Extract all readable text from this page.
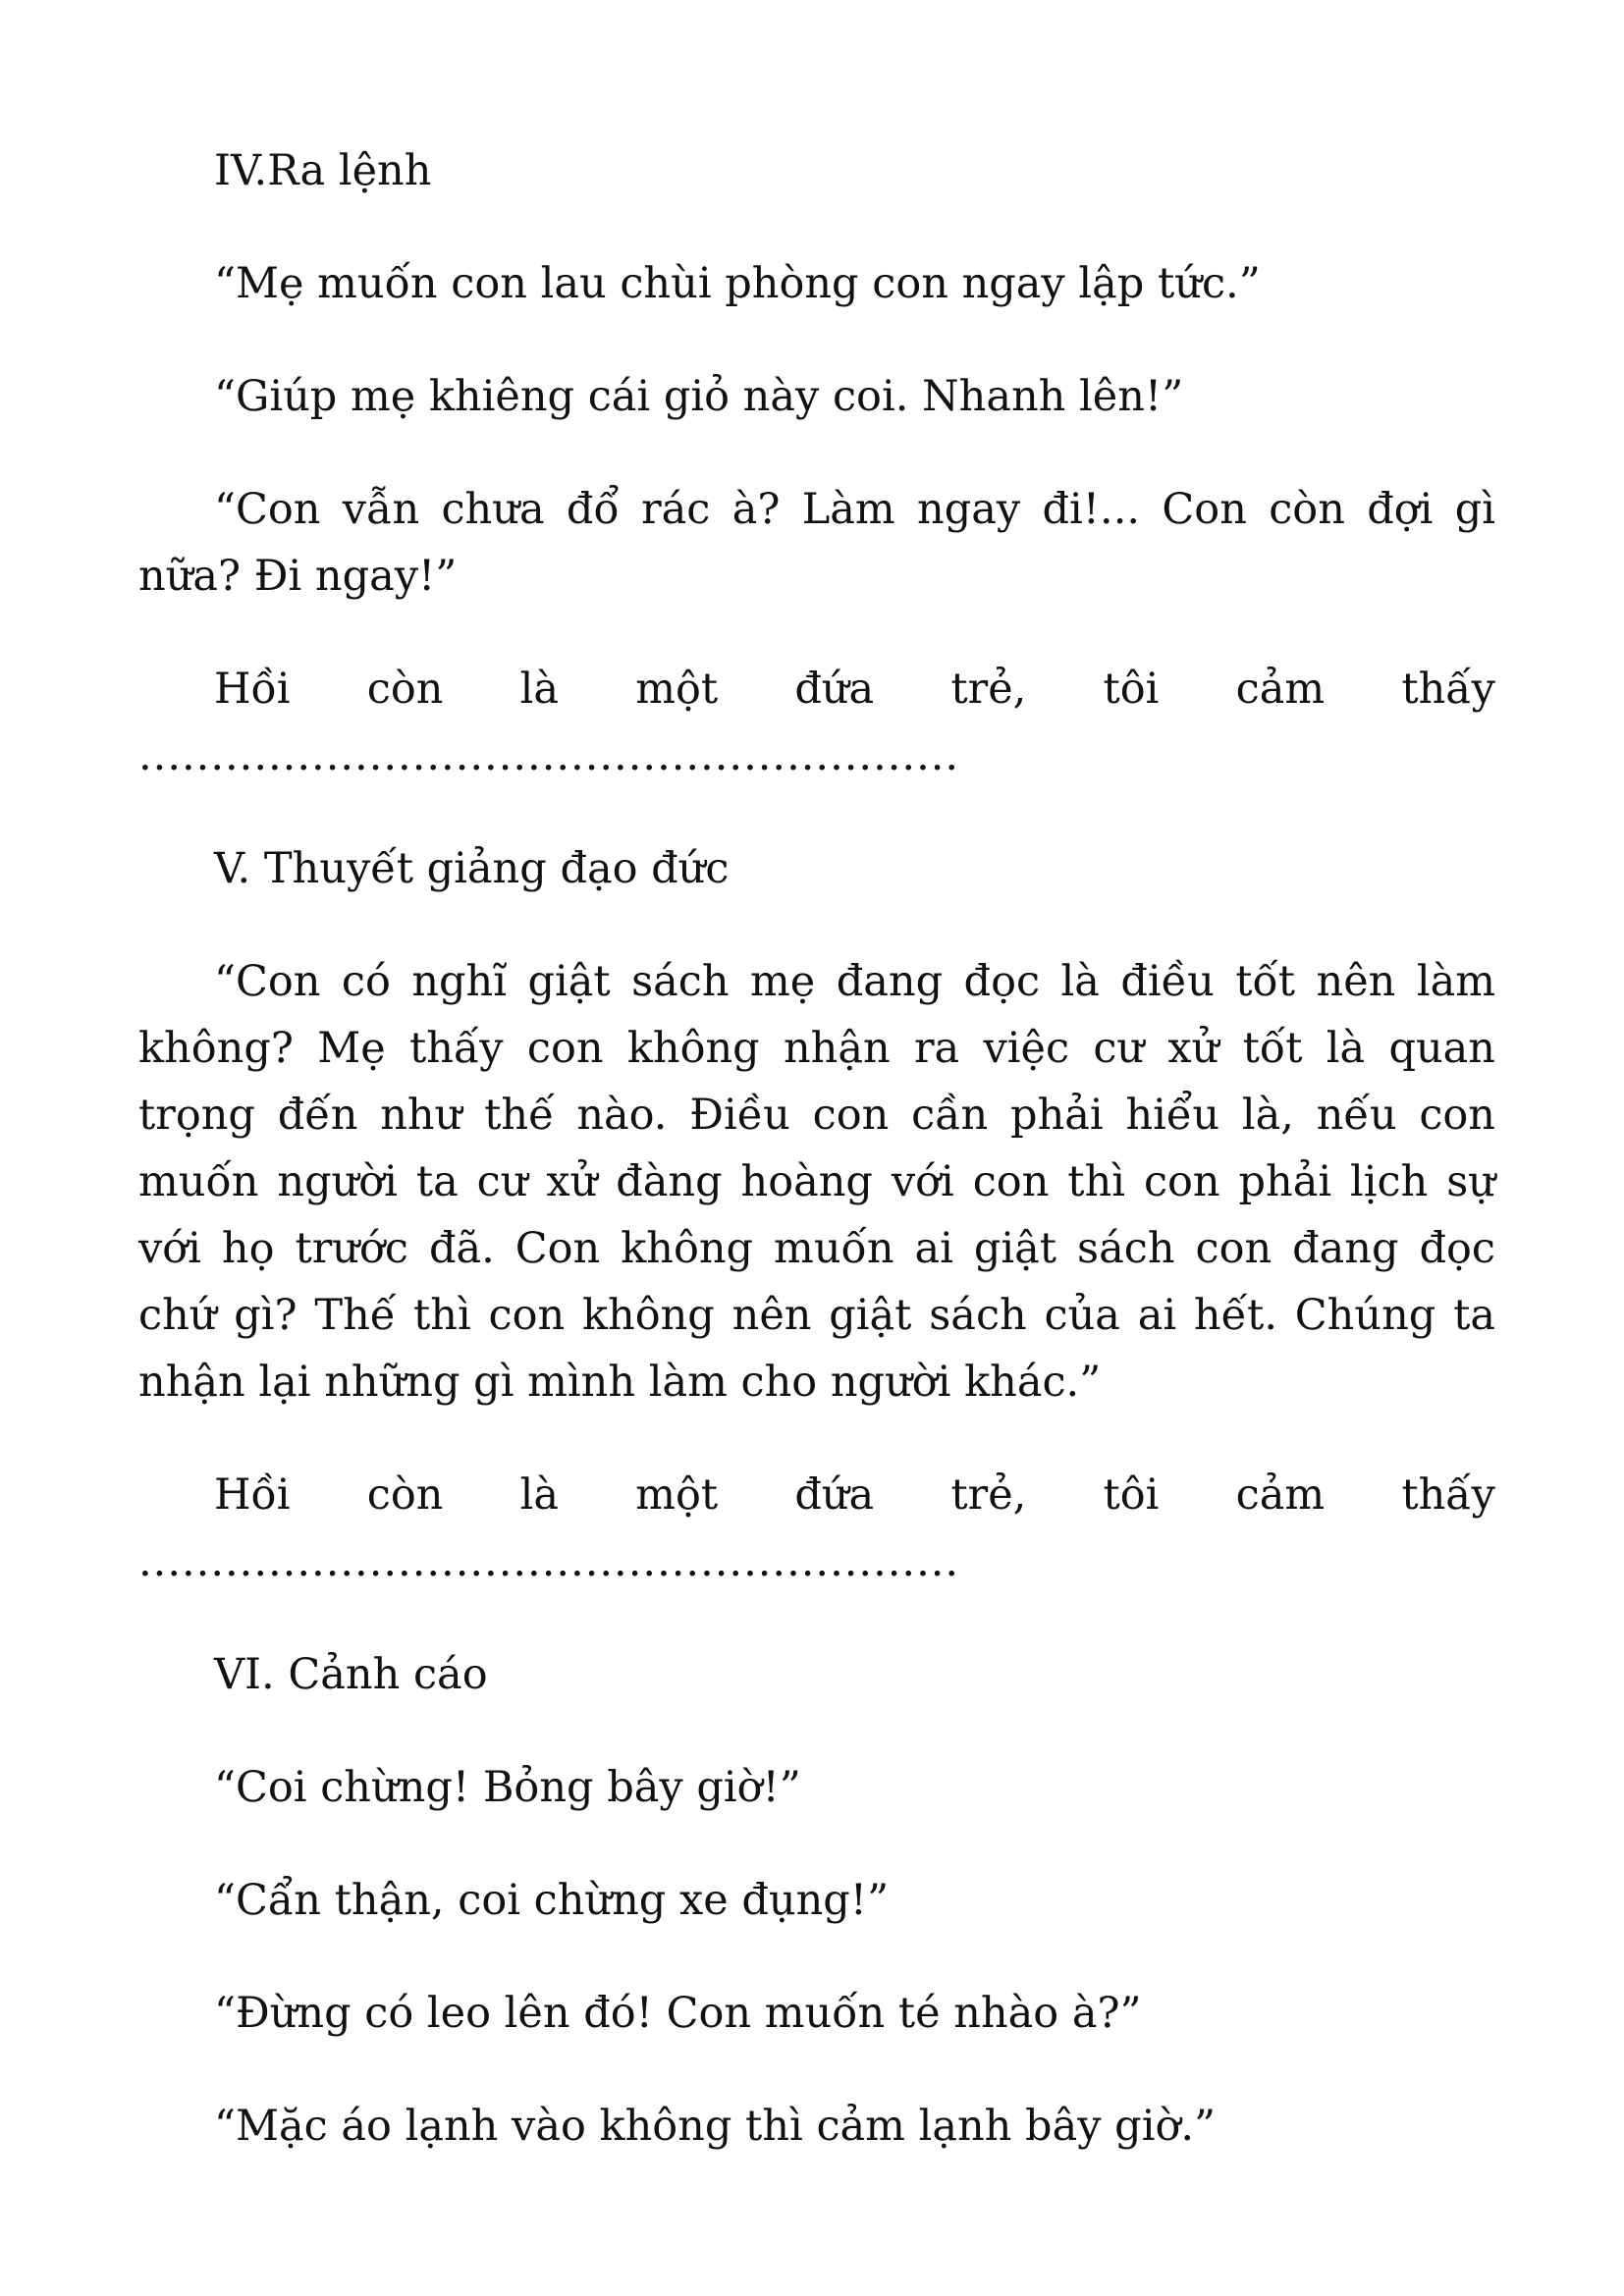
IV.Ra lệnh
“Mẹ muốn con lau chùi phòng con ngay lập tức.”
“Giúp mẹ khiêng cái giỏ này coi. Nhanh lên!”
“Con vẫn chưa đổ rác à? Làm ngay đi!... Con còn đợi gì nữa? Đi ngay!”
Hồi còn là một đứa trẻ, tôi cảm thấy
.........................................................
V. Thuyết giảng đạo đức
“Con có nghĩ giật sách mẹ đang đọc là điều tốt nên làm không? Mẹ thấy con không nhận ra việc cư xử tốt là quan trọng đến như thế nào. Điều con cần phải hiểu là, nếu con muốn người ta cư xử đàng hoàng với con thì con phải lịch sự với họ trước đã. Con không muốn ai giật sách con đang đọc chứ gì? Thế thì con không nên giật sách của ai hết. Chúng ta nhận lại những gì mình làm cho người khác.”
Hồi còn là một đứa trẻ, tôi cảm thấy
.........................................................
VI. Cảnh cáo
“Coi chừng! Bỏng bây giờ!”
“Cẩn thận, coi chừng xe đụng!”
“Đừng có leo lên đó! Con muốn té nhào à?”
“Mặc áo lạnh vào không thì cảm lạnh bây giờ.”
